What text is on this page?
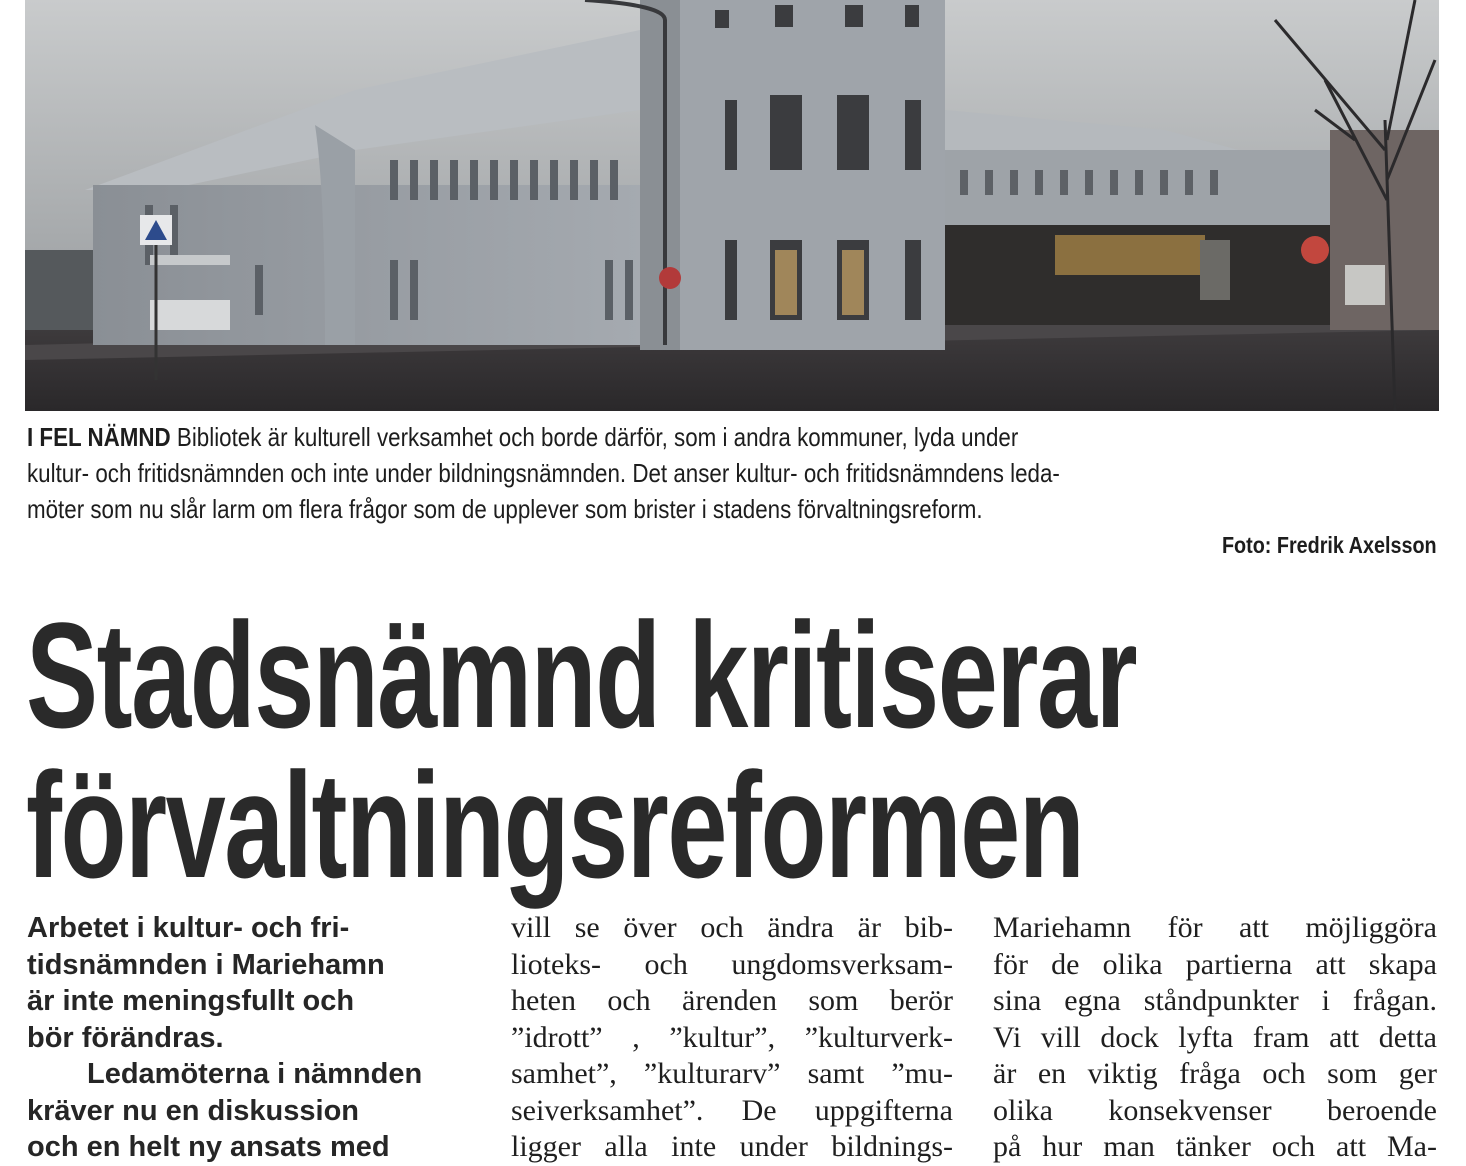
I FEL NÄMND Bibliotek är kulturell verksamhet och borde därför, som i andra kommuner, lyda under
kultur- och fritidsnämnden och inte under bildningsnämnden. Det anser kultur- och fritidsnämndens leda-
möter som nu slår larm om flera frågor som de upplever som brister i stadens förvaltningsreform.
Foto: Fredrik Axelsson
Stadsnämnd kritiserar
förvaltningsreformen
Arbetet i kultur- och fri-
tidsnämnden i Mariehamn
är inte meningsfullt och
bör förändras.
Ledamöterna i nämnden
kräver nu en diskussion
och en helt ny ansats med
vill se över och ändra är bib-
lioteks- och ungdomsverksam-
heten och ärenden som berör
”idrott” , ”kultur”, ”kulturverk-
samhet”, ”kulturarv” samt ”mu-
seiverksamhet”. De uppgifterna
ligger alla inte under bildnings-
Mariehamn för att möjliggöra
för de olika partierna att skapa
sina egna ståndpunkter i frågan.
Vi vill dock lyfta fram att detta
är en viktig fråga och som ger
olika konsekvenser beroende
på hur man tänker och att Ma-
